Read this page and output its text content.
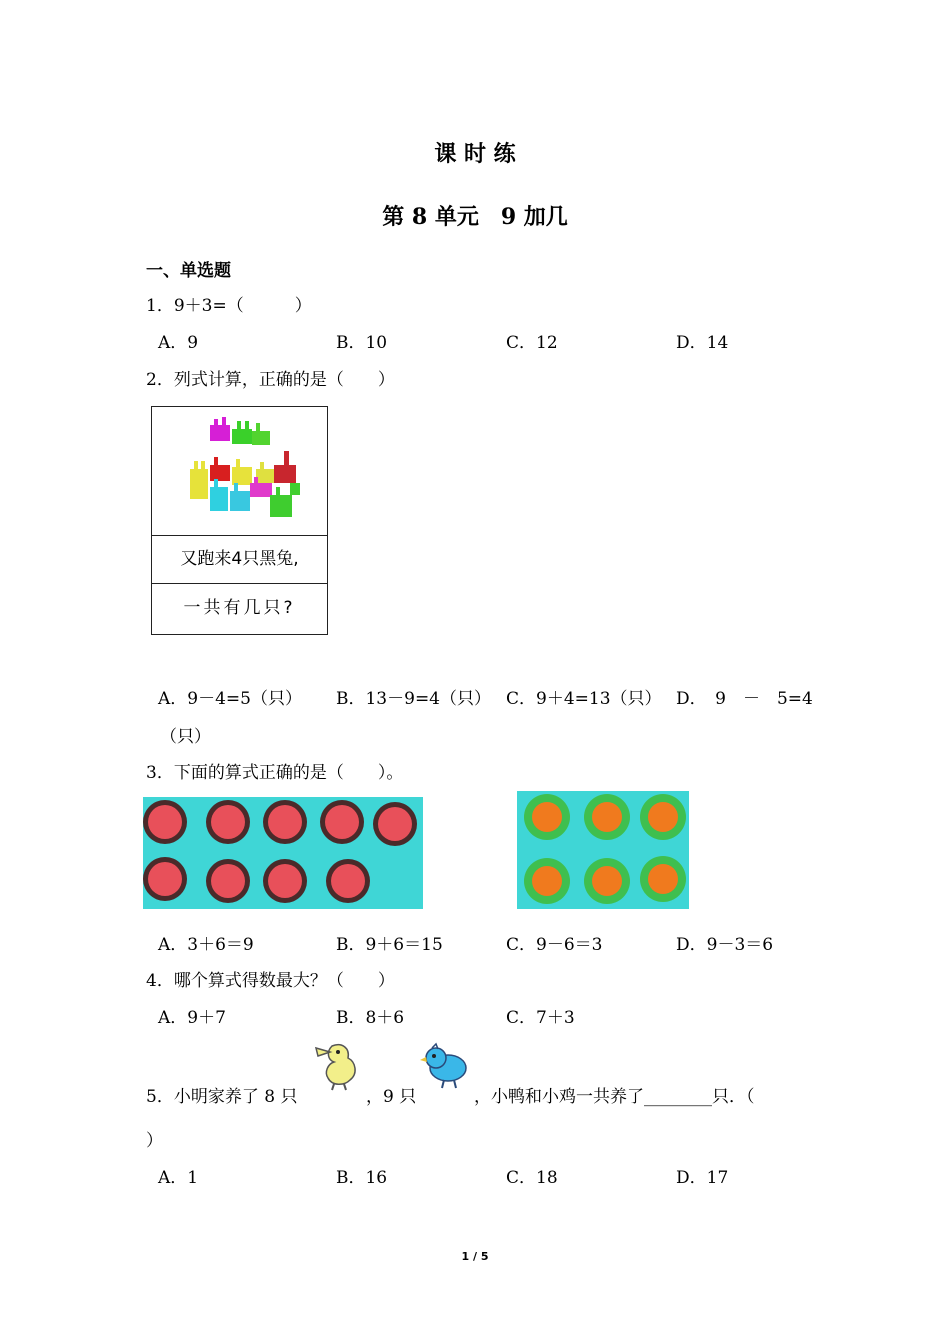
课 时 练
第 8 单元　9 加几
一、单选题
1．9＋3=（　　　）
A．9	B．10	C．12	D．14
2．列式计算，正确的是（　　）
又跑来4只黑兔,
一共有几只?
A．9－4=5（只） B．13－9=4（只） C．9＋4=13（只） D．　9　－　5=4
（只）
3．下面的算式正确的是（　　）。
A．3＋6＝9	B．9＋6＝15	C．9－6＝3	D．9－3＝6
4．哪个算式得数最大？（　　）
A．9＋7	B．8＋6	C．7＋3
5．小明家养了 8 只	，9 只	，小鸭和小鸡一共养了________只．（
）
A．1	B．16	C．18	D．17
1 / 5
